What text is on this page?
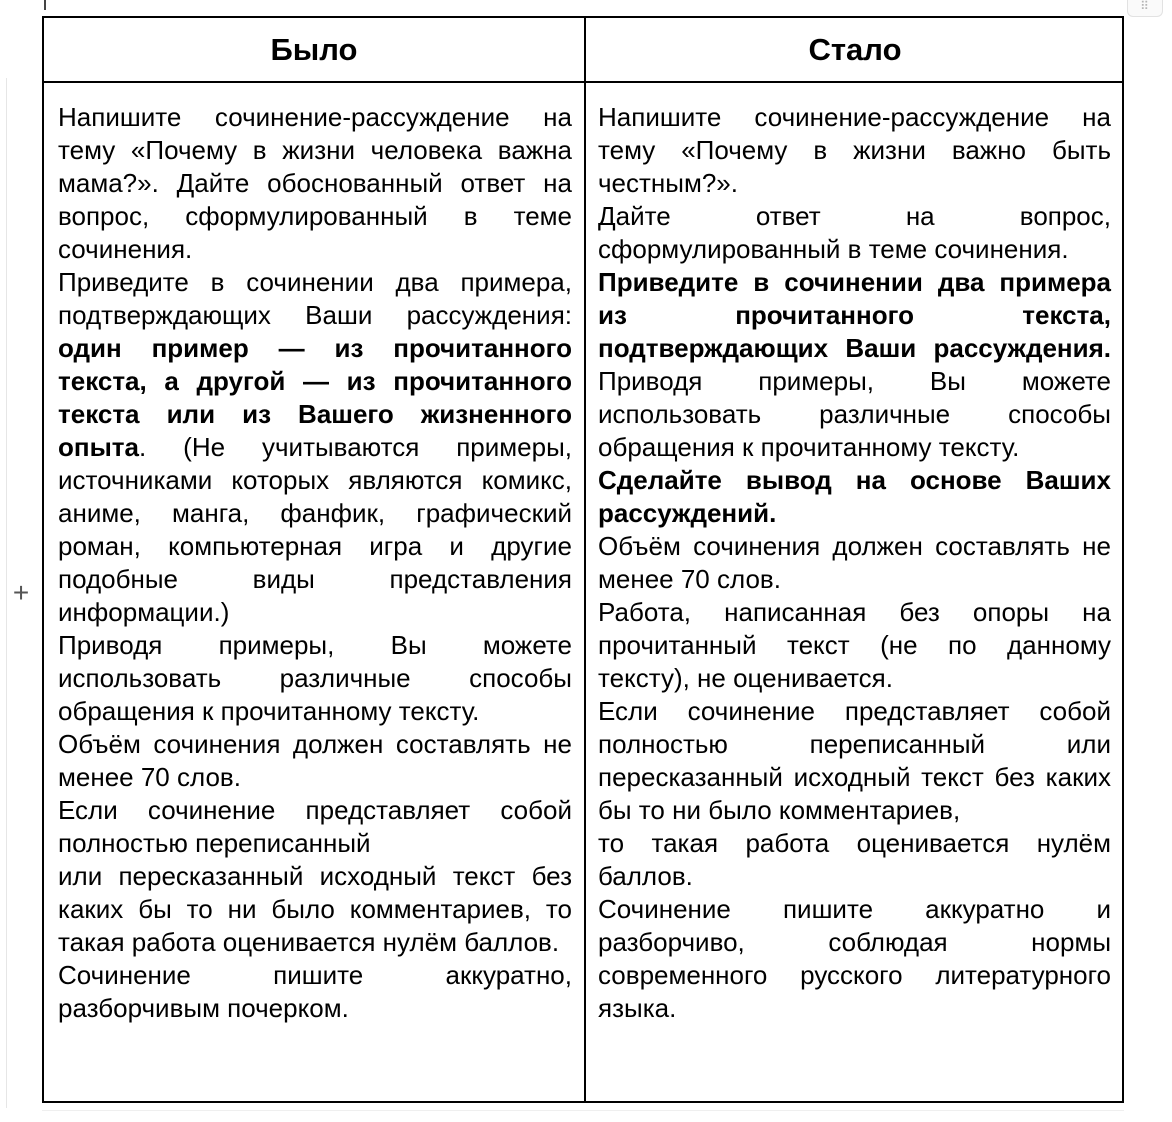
⠿
+
Было	Стало

Напишите сочинение-рассуждение на тему «Почему в жизни человека важна мама?». Дайте обоснованный ответ на вопрос, сформулированный в теме сочинения.

Приведите в сочинении два примера, подтверждающих Ваши рассуждения: один пример — из прочитанного текста, а другой — из прочитанного текста или из Вашего жизненного опыта. (Не учитываются примеры, источниками которых являются комикс, аниме, манга, фанфик, графический роман, компьютерная игра и другие подобные виды представления информации.)

Приводя примеры, Вы можете использовать различные способы обращения к прочитанному тексту.

Объём сочинения должен составлять не менее 70 слов.

Если сочинение представляет собой полностью переписанный

или пересказанный исходный текст без каких бы то ни было комментариев, то такая работа оценивается нулём баллов.

Сочинение пишите аккуратно, разборчивым почерком.

Напишите сочинение-рассуждение на тему «Почему в жизни важно быть честным?».

Дайте ответ на вопрос, сформулированный в теме сочинения.

Приведите в сочинении два примера из прочитанного текста, подтверждающих Ваши рассуждения. Приводя примеры, Вы можете использовать различные способы обращения к прочитанному тексту.

Сделайте вывод на основе Ваших рассуждений.

Объём сочинения должен составлять не менее 70 слов.

Работа, написанная без опоры на прочитанный текст (не по данному тексту), не оценивается.

Если сочинение представляет собой полностью переписанный или пересказанный исходный текст без каких бы то ни было комментариев,

то такая работа оценивается нулём баллов.

Сочинение пишите аккуратно и разборчиво, соблюдая нормы современного русского литературного языка.
